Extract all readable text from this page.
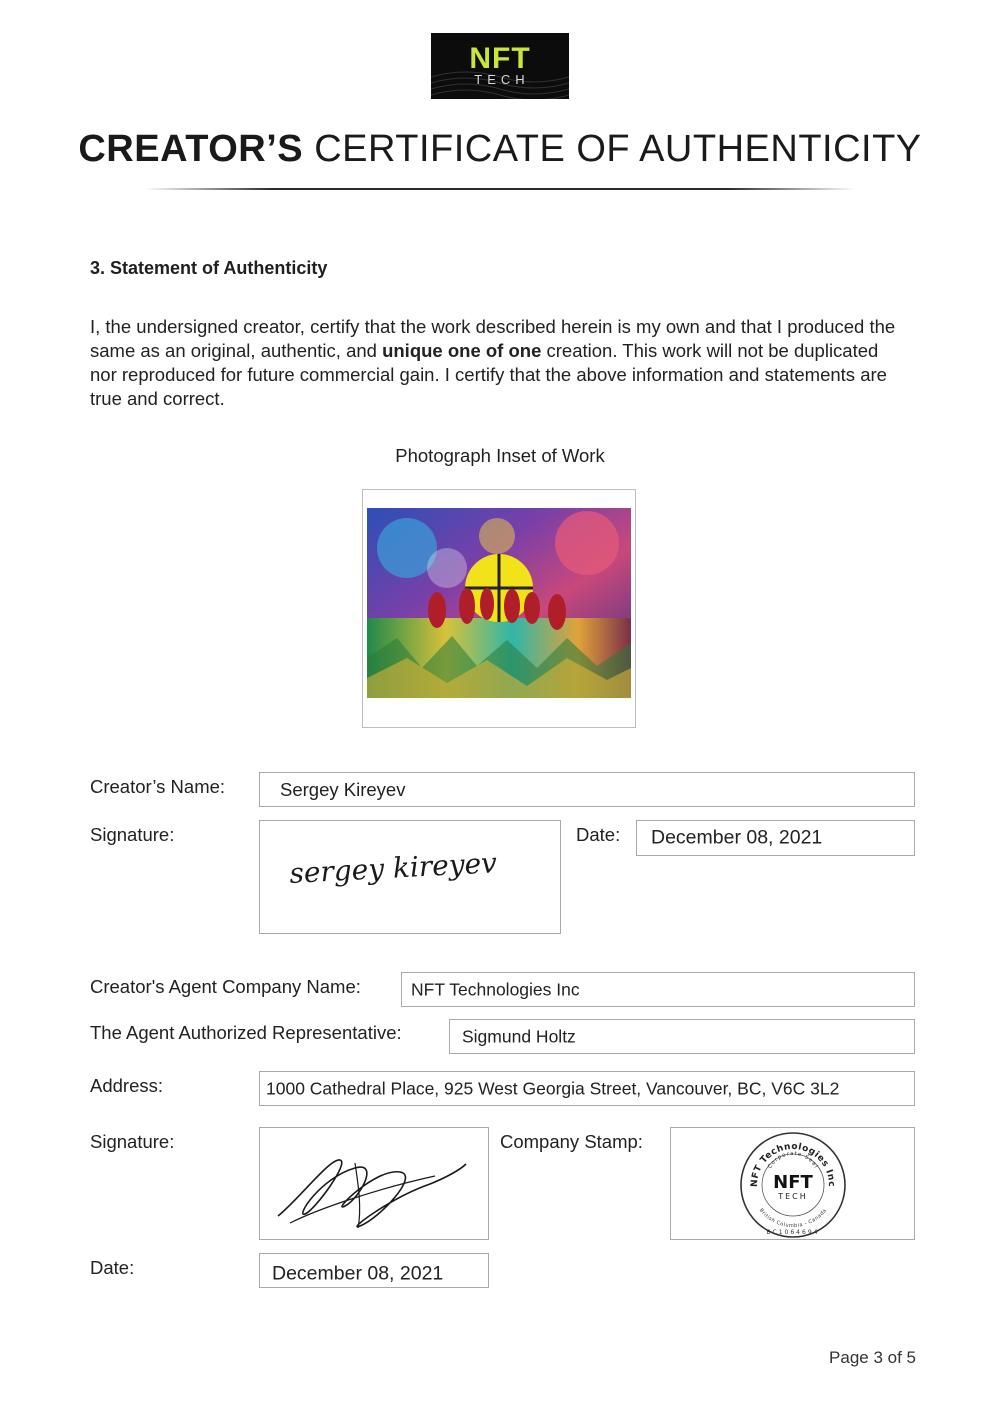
NFT
TECH
CREATOR’S CERTIFICATE OF AUTHENTICITY
3. Statement of Authenticity
I, the undersigned creator, certify that the work described herein is my own and that I produced the same as an original, authentic, and unique one of one creation. This work will not be duplicated nor reproduced for future commercial gain. I certify that the above information and statements are true and correct.
Photograph Inset of Work
Creator’s Name:	Sergey Kireyev
Signature:
sergey kireyev
Date: December 08, 2021
Creator's Agent Company Name:	NFT Technologies Inc
The Agent Authorized Representative:	Sigmund Holtz
Address:	1000 Cathedral Place, 925 West Georgia Street, Vancouver, BC, V6C 3L2
Signature:	Company Stamp:
NFT Technologies Inc
Corporate Seal
British Columbia - Canada
BC1064694
NFT
TECH
Date:	December 08, 2021
Page 3 of 5
